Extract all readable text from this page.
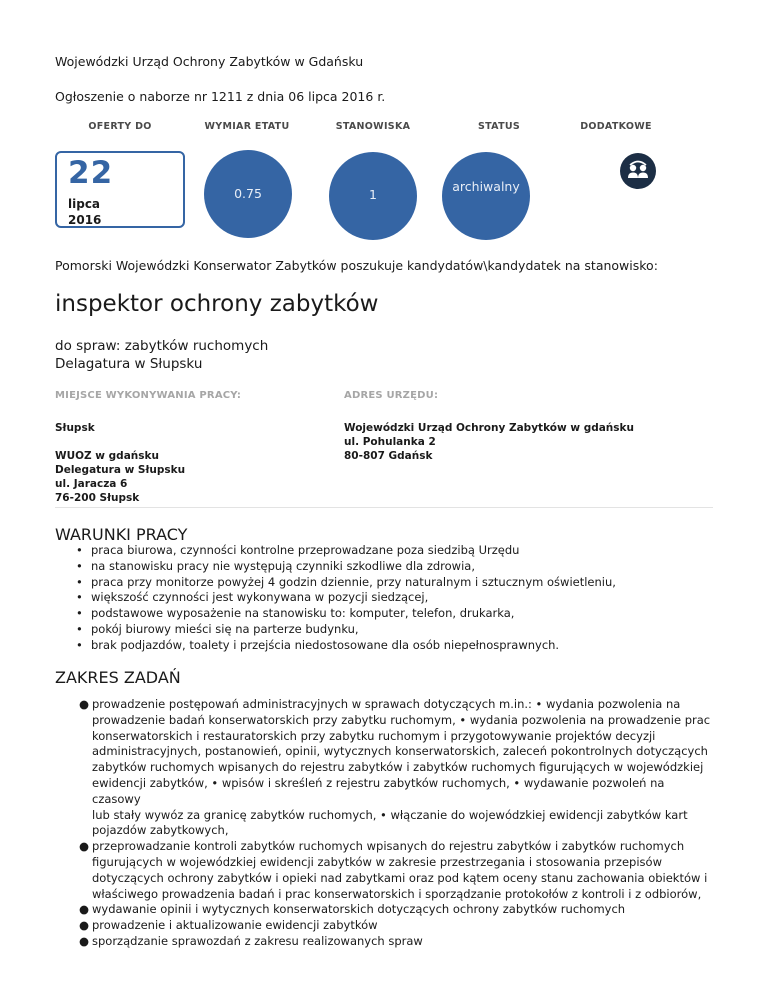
Wojewódzki Urząd Ochrony Zabytków w Gdańsku
Ogłoszenie o naborze nr 1211 z dnia 06 lipca 2016 r.
OFERTY DO	WYMIAR ETATU	STANOWISKA	STATUS	DODATKOWE
22
lipca
2016
0.75	1
archiwalny
Pomorski Wojewódzki Konserwator Zabytków poszukuje kandydatów\kandydatek na stanowisko:
inspektor ochrony zabytków
do spraw: zabytków ruchomych
Delagatura w Słupsku
MIEJSCE WYKONYWANIA PRACY:	ADRES URZĘDU:
Słupsk
WUOZ w gdańsku
Delegatura w Słupsku
ul. Jaracza 6
76-200 Słupsk
Wojewódzki Urząd Ochrony Zabytków w gdańsku
ul. Pohulanka 2
80-807 Gdańsk
WARUNKI PRACY
• praca biurowa, czynności kontrolne przeprowadzane poza siedzibą Urzędu
• na stanowisku pracy nie występują czynniki szkodliwe dla zdrowia,
• praca przy monitorze powyżej 4 godzin dziennie, przy naturalnym i sztucznym oświetleniu,
• większość czynności jest wykonywana w pozycji siedzącej,
• podstawowe wyposażenie na stanowisku to: komputer, telefon, drukarka,
• pokój biurowy mieści się na parterze budynku,
• brak podjazdów, toalety i przejścia niedostosowane dla osób niepełnosprawnych.
ZAKRES ZADAŃ
● prowadzenie postępowań administracyjnych w sprawach dotyczących m.in.: • wydania pozwolenia na
prowadzenie badań konserwatorskich przy zabytku ruchomym, • wydania pozwolenia na prowadzenie prac
konserwatorskich i restauratorskich przy zabytku ruchomym i przygotowywanie projektów decyzji
administracyjnych, postanowień, opinii, wytycznych konserwatorskich, zaleceń pokontrolnych dotyczących
zabytków ruchomych wpisanych do rejestru zabytków i zabytków ruchomych figurujących w wojewódzkiej
ewidencji zabytków, • wpisów i skreśleń z rejestru zabytków ruchomych, • wydawanie pozwoleń na czasowy
lub stały wywóz za granicę zabytków ruchomych, • włączanie do wojewódzkiej ewidencji zabytków kart
pojazdów zabytkowych,
● przeprowadzanie kontroli zabytków ruchomych wpisanych do rejestru zabytków i zabytków ruchomych
figurujących w wojewódzkiej ewidencji zabytków w zakresie przestrzegania i stosowania przepisów
dotyczących ochrony zabytków i opieki nad zabytkami oraz pod kątem oceny stanu zachowania obiektów i
właściwego prowadzenia badań i prac konserwatorskich i sporządzanie protokołów z kontroli i z odbiorów,
● wydawanie opinii i wytycznych konserwatorskich dotyczących ochrony zabytków ruchomych
● prowadzenie i aktualizowanie ewidencji zabytków
● sporządzanie sprawozdań z zakresu realizowanych spraw
